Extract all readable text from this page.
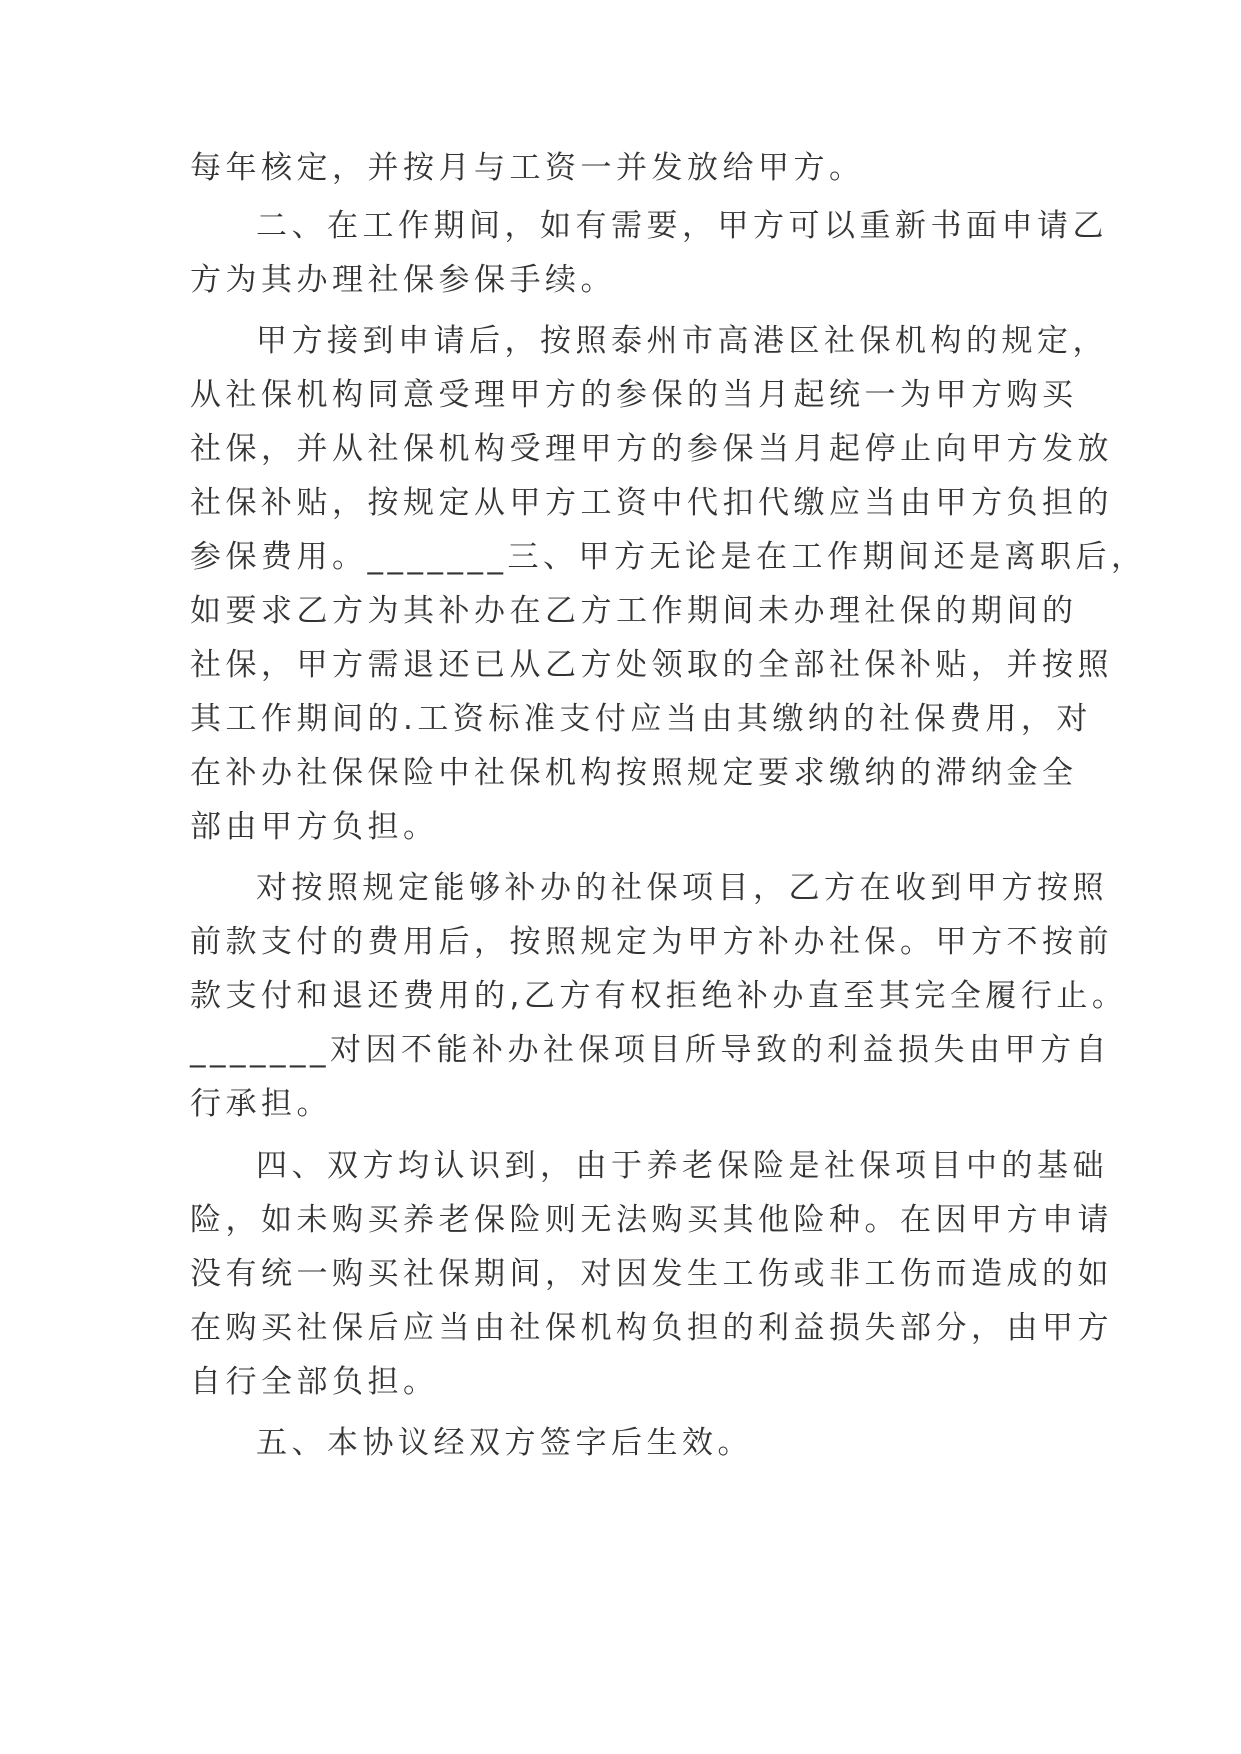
每年核定，并按月与工资一并发放给甲方。
二、在工作期间，如有需要，甲方可以重新书面申请乙
方为其办理社保参保手续。
甲方接到申请后，按照泰州市高港区社保机构的规定，
从社保机构同意受理甲方的参保的当月起统一为甲方购买
社保，并从社保机构受理甲方的参保当月起停止向甲方发放
社保补贴，按规定从甲方工资中代扣代缴应当由甲方负担的
参保费用。_______三、甲方无论是在工作期间还是离职后，
如要求乙方为其补办在乙方工作期间未办理社保的期间的
社保，甲方需退还已从乙方处领取的全部社保补贴，并按照
其工作期间的.工资标准支付应当由其缴纳的社保费用，对
在补办社保保险中社保机构按照规定要求缴纳的滞纳金全
部由甲方负担。
对按照规定能够补办的社保项目，乙方在收到甲方按照
前款支付的费用后，按照规定为甲方补办社保。甲方不按前
款支付和退还费用的,乙方有权拒绝补办直至其完全履行止。
_______对因不能补办社保项目所导致的利益损失由甲方自
行承担。
四、双方均认识到，由于养老保险是社保项目中的基础
险，如未购买养老保险则无法购买其他险种。在因甲方申请
没有统一购买社保期间，对因发生工伤或非工伤而造成的如
在购买社保后应当由社保机构负担的利益损失部分，由甲方
自行全部负担。
五、本协议经双方签字后生效。
